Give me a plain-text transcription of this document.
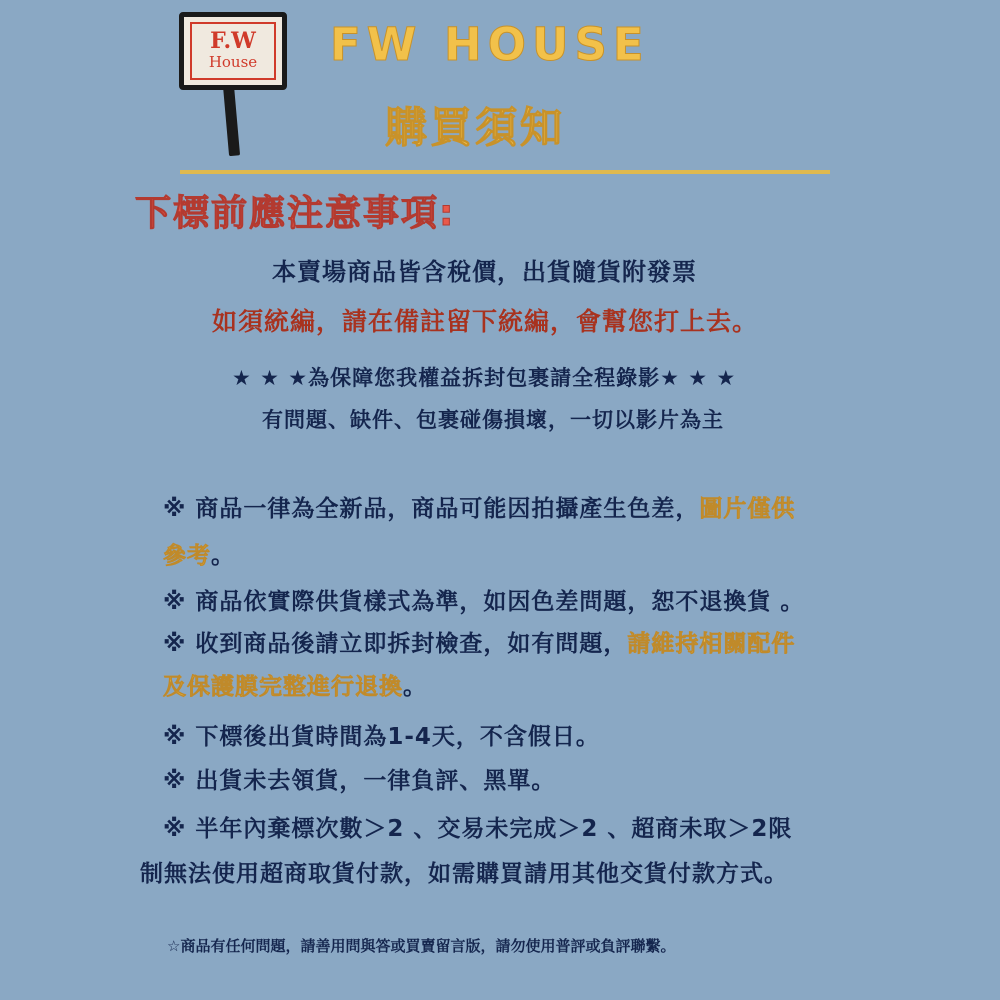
F.W
House FW HOUSE
購買須知
下標前應注意事項:
本賣場商品皆含稅價，出貨隨貨附發票
如須統編，請在備註留下統編，會幫您打上去。
★ ★ ★為保障您我權益拆封包裹請全程錄影★ ★ ★
有問題、缺件、包裹碰傷損壞，一切以影片為主
※ 商品一律為全新品，商品可能因拍攝產生色差，圖片僅供
參考。
※ 商品依實際供貨樣式為準，如因色差問題，恕不退換貨 。
※ 收到商品後請立即拆封檢查，如有問題，請維持相關配件
及保護膜完整進行退換。
※ 下標後出貨時間為1-4天，不含假日。
※ 出貨未去領貨，一律負評、黑單。
※ 半年內棄標次數＞2 、交易未完成＞2 、超商未取＞2限
制無法使用超商取貨付款，如需購買請用其他交貨付款方式。
☆商品有任何問題，請善用問與答或買賣留言版，請勿使用普評或負評聯繫。
